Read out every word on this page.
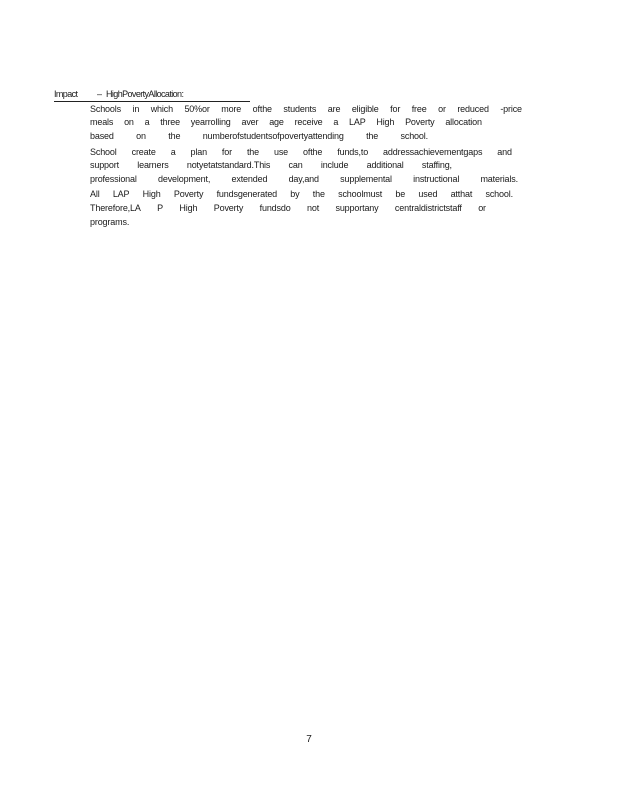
Impact – HighPovertyAllocation:
Schools in which 50%or more ofthe students are eligible for free or reduced -price
meals on a three yearrolling aver age receive a LAP High Poverty allocation
based on the numberofstudentsofpovertyattending the school.
School create a plan for the use ofthe funds,to addressachievementgaps and
support learners notyetatstandard.This can include additional staffing,
professional development, extended day,and supplemental instructional materials.
All LAP High Poverty fundsgenerated by the schoolmust be used atthat school.
Therefore,LA P High Poverty fundsdo not supportany centraldistrictstaff or
programs.
7
